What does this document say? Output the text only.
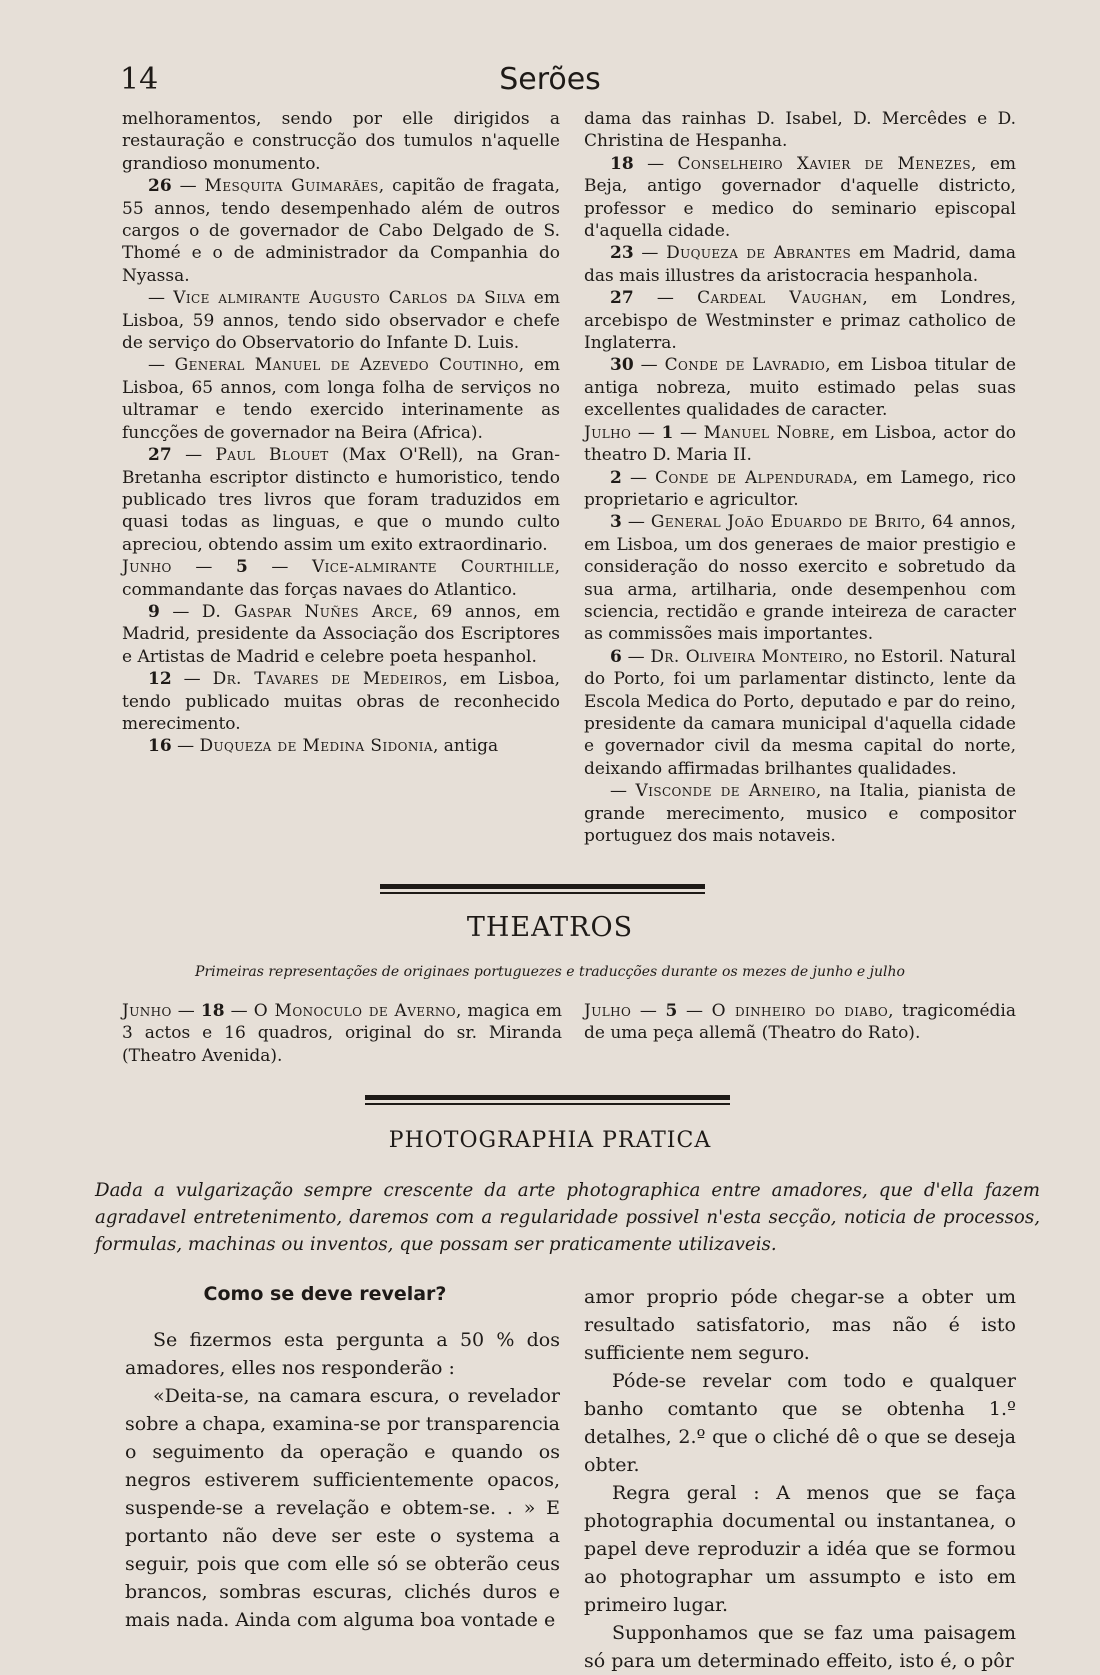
14	Serões

melhoramentos, sendo por elle dirigidos a restauração e construcção dos tumulos n'aquelle grandioso monumento.

26 — Mesquita Guimarães, capitão de fragata, 55 annos, tendo desempenhado além de outros cargos o de governador de Cabo Delgado de S. Thomé e o de administrador da Companhia do Nyassa.

— Vice almirante Augusto Carlos da Silva em Lisboa, 59 annos, tendo sido observador e chefe de serviço do Observatorio do Infante D. Luis.

— General Manuel de Azevedo Coutinho, em Lisboa, 65 annos, com longa folha de serviços no ultramar e tendo exercido interinamente as funcções de governador na Beira (Africa).

27 — Paul Blouet (Max O'Rell), na Gran-Bretanha escriptor distincto e humoristico, tendo publicado tres livros que foram traduzidos em quasi todas as linguas, e que o mundo culto apreciou, obtendo assim um exito extraordinario.

Junho — 5 — Vice-almirante Courthille, commandante das forças navaes do Atlantico.

9 — D. Gaspar Nuñes Arce, 69 annos, em Madrid, presidente da Associação dos Escriptores e Artistas de Madrid e celebre poeta hespanhol.

12 — Dr. Tavares de Medeiros, em Lisboa, tendo publicado muitas obras de reconhecido merecimento.

16 — Duqueza de Medina Sidonia, antiga

dama das rainhas D. Isabel, D. Mercêdes e D. Christina de Hespanha.

18 — Conselheiro Xavier de Menezes, em Beja, antigo governador d'aquelle districto, professor e medico do seminario episcopal d'aquella cidade.

23 — Duqueza de Abrantes em Madrid, dama das mais illustres da aristocracia hespanhola.

27 — Cardeal Vaughan, em Londres, arcebispo de Westminster e primaz catholico de Inglaterra.

30 — Conde de Lavradio, em Lisboa titular de antiga nobreza, muito estimado pelas suas excellentes qualidades de caracter.

Julho — 1 — Manuel Nobre, em Lisboa, actor do theatro D. Maria II.

2 — Conde de Alpendurada, em Lamego, rico proprietario e agricultor.

3 — General João Eduardo de Brito, 64 annos, em Lisboa, um dos generaes de maior prestigio e consideração do nosso exercito e sobretudo da sua arma, artilharia, onde desempenhou com sciencia, rectidão e grande inteireza de caracter as commissões mais importantes.

6 — Dr. Oliveira Monteiro, no Estoril. Natural do Porto, foi um parlamentar distincto, lente da Escola Medica do Porto, deputado e par do reino, presidente da camara municipal d'aquella cidade e governador civil da mesma capital do norte, deixando affirmadas brilhantes qualidades.

— Visconde de Arneiro, na Italia, pianista de grande merecimento, musico e compositor portuguez dos mais notaveis.

THEATROS
Primeiras representações de originaes portuguezes e traducções durante os mezes de junho e julho

Junho — 18 — O Monoculo de Averno, magica em 3 actos e 16 quadros, original do sr. Miranda (Theatro Avenida).

Julho — 5 — O dinheiro do diabo, tragicomédia de uma peça allemã (Theatro do Rato).

PHOTOGRAPHIA PRATICA
Dada a vulgarização sempre crescente da arte photographica entre amadores, que d'ella fazem agradavel entretenimento, daremos com a regularidade possivel n'esta secção, noticia de processos, formulas, machinas ou inventos, que possam ser praticamente utilizaveis.
Como se deve revelar?

Se fizermos esta pergunta a 50 % dos amadores, elles nos responderão :

«Deita-se, na camara escura, o revelador sobre a chapa, examina-se por transparencia o seguimento da operação e quando os negros estiverem sufficientemente opacos, suspende-se a revelação e obtem-se. . » E portanto não deve ser este o systema a seguir, pois que com elle só se obterão ceus brancos, sombras escuras, clichés duros e mais nada. Ainda com alguma boa vontade e

amor proprio póde chegar-se a obter um resultado satisfatorio, mas não é isto sufficiente nem seguro.

Póde-se revelar com todo e qualquer banho comtanto que se obtenha 1.º detalhes, 2.º que o cliché dê o que se deseja obter.

Regra geral : A menos que se faça photographia documental ou instantanea, o papel deve reproduzir a idéa que se formou ao photographar um assumpto e isto em primeiro lugar.

Supponhamos que se faz uma paisagem só para um determinado effeito, isto é, o pôr
